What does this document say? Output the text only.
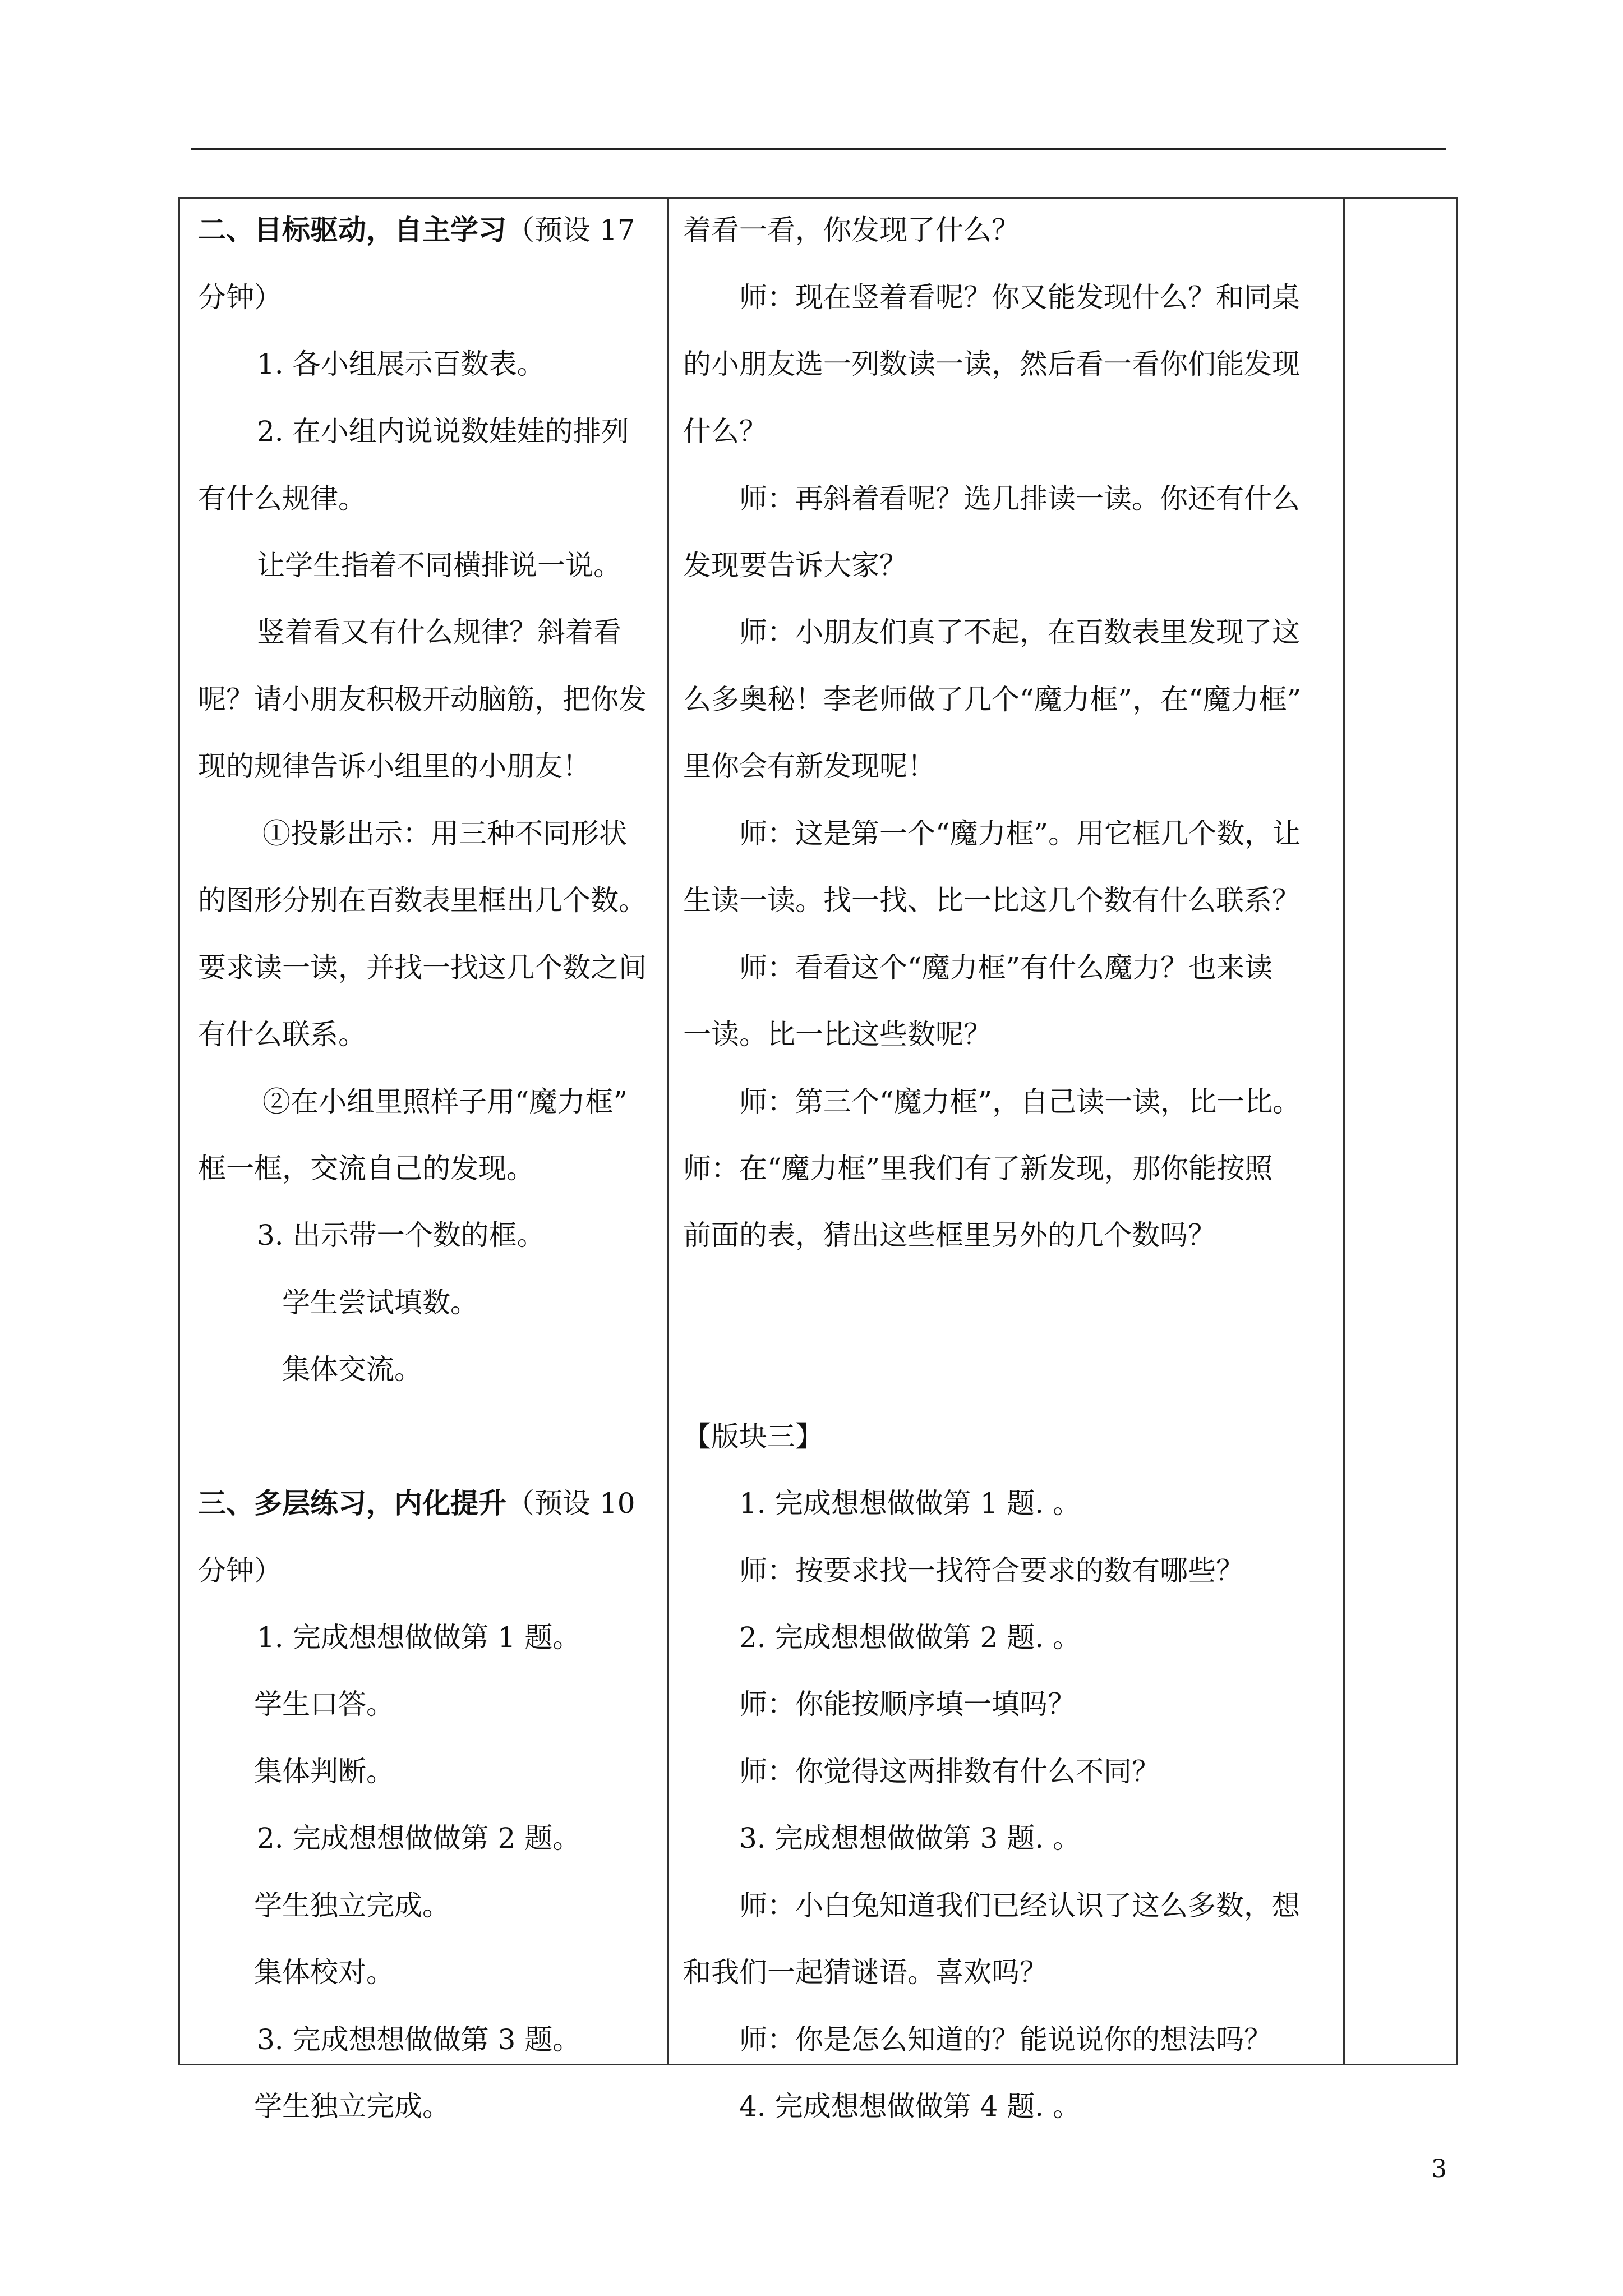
二、目标驱动，自主学习（预设 17
分钟）
1. 各小组展示百数表。
2. 在小组内说说数娃娃的排列
有什么规律。
让学生指着不同横排说一说。
竖着看又有什么规律？斜着看
呢？请小朋友积极开动脑筋，把你发
现的规律告诉小组里的小朋友！
①投影出示：用三种不同形状
的图形分别在百数表里框出几个数。
要求读一读，并找一找这几个数之间
有什么联系。
②在小组里照样子用“魔力框”
框一框，交流自己的发现。
3. 出示带一个数的框。
学生尝试填数。
集体交流。
三、多层练习，内化提升（预设 10
分钟）
1. 完成想想做做第 1 题。
学生口答。
集体判断。
2. 完成想想做做第 2 题。
学生独立完成。
集体校对。
3. 完成想想做做第 3 题。
学生独立完成。
着看一看，你发现了什么？
师：现在竖着看呢？你又能发现什么？和同桌
的小朋友选一列数读一读，然后看一看你们能发现
什么？
师：再斜着看呢？选几排读一读。你还有什么
发现要告诉大家？
师：小朋友们真了不起，在百数表里发现了这
么多奥秘！李老师做了几个“魔力框”，在“魔力框”
里你会有新发现呢！
师：这是第一个“魔力框”。用它框几个数，让
生读一读。找一找、比一比这几个数有什么联系？
师：看看这个“魔力框”有什么魔力？也来读
一读。比一比这些数呢？
师：第三个“魔力框”，自己读一读，比一比。
师：在“魔力框”里我们有了新发现，那你能按照
前面的表，猜出这些框里另外的几个数吗？
【版块三】
1. 完成想想做做第 1 题. 。
师：按要求找一找符合要求的数有哪些？
2. 完成想想做做第 2 题. 。
师：你能按顺序填一填吗？
师：你觉得这两排数有什么不同？
3. 完成想想做做第 3 题. 。
师：小白兔知道我们已经认识了这么多数，想
和我们一起猜谜语。喜欢吗？
师：你是怎么知道的？能说说你的想法吗？
4. 完成想想做做第 4 题. 。
3
